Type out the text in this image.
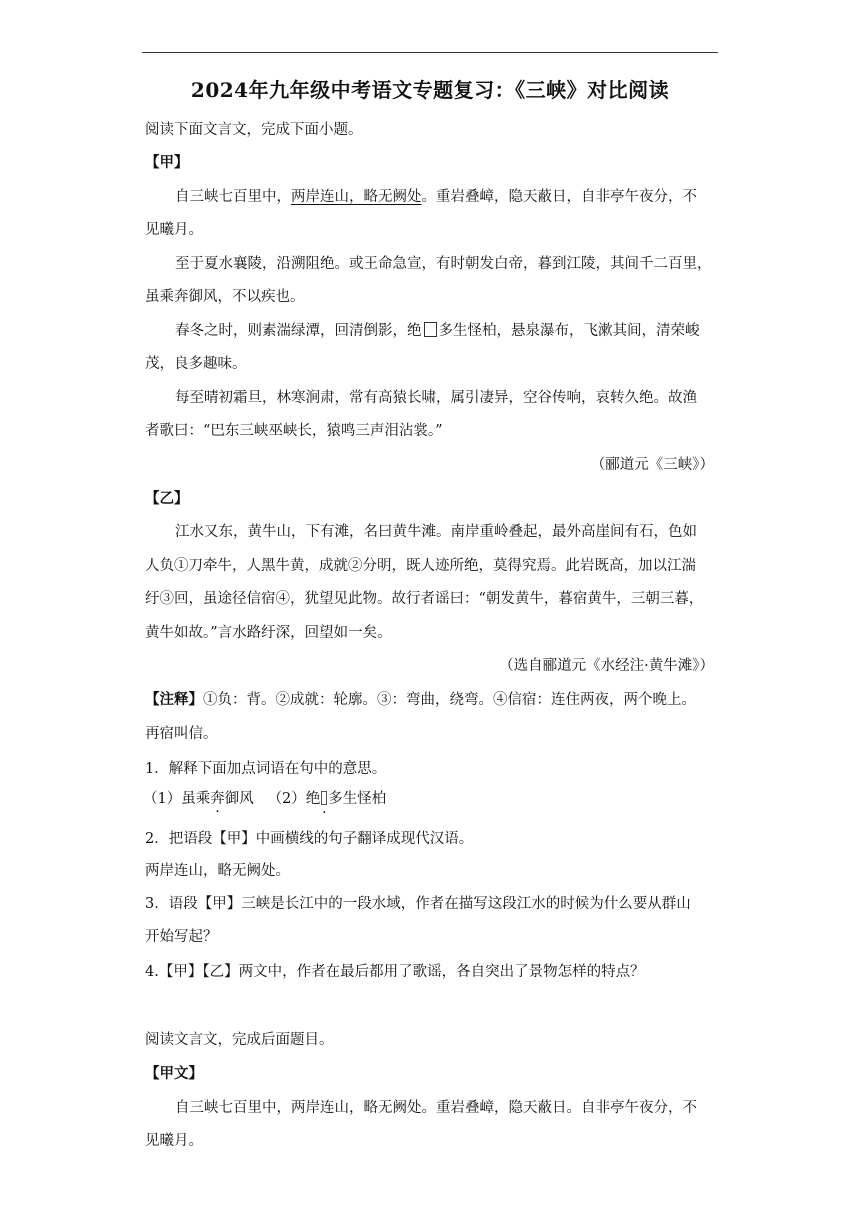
2024年九年级中考语文专题复习：《三峡》对比阅读
阅读下面文言文，完成下面小题。
【甲】
自三峡七百里中，两岸连山，略无阙处。重岩叠嶂，隐天蔽日，自非亭午夜分，不
见曦月。
至于夏水襄陵，沿溯阻绝。或王命急宣，有时朝发白帝，暮到江陵，其间千二百里，
虽乘奔御风，不以疾也。
春冬之时，则素湍绿潭，回清倒影，绝 多生怪柏，悬泉瀑布，飞漱其间，清荣峻
茂，良多趣味。
每至晴初霜旦，林寒涧肃，常有高猿长啸，属引凄异，空谷传响，哀转久绝。故渔
者歌曰：“巴东三峡巫峡长，猿鸣三声泪沾裳。”
（郦道元《三峡》）
【乙】
江水又东，黄牛山，下有滩，名曰黄牛滩。南岸重岭叠起，最外高崖间有石，色如
人负①刀牵牛，人黑牛黄，成就②分明，既人迹所绝，莫得究焉。此岩既高，加以江湍
纡③回，虽途径信宿④，犹望见此物。故行者谣曰：“朝发黄牛，暮宿黄牛，三朝三暮，
黄牛如故。”言水路纡深，回望如一矣。
（选自郦道元《水经注·黄牛滩》）
【注释】①负：背。②成就：轮廓。③：弯曲，绕弯。④信宿：连住两夜，两个晚上。
再宿叫信。
1．解释下面加点词语在句中的意思。
（1）虽乘奔御风 （2）绝· 多生怪柏
2．把语段【甲】中画横线的句子翻译成现代汉语。
两岸连山，略无阙处。
3．语段【甲】三峡是长江中的一段水域，作者在描写这段江水的时候为什么要从群山
开始写起？
4.【甲】【乙】两文中，作者在最后都用了歌谣，各自突出了景物怎样的特点？
阅读文言文，完成后面题目。
【甲文】
自三峡七百里中，两岸连山，略无阙处。重岩叠嶂，隐天蔽日。自非亭午夜分，不
见曦月。
